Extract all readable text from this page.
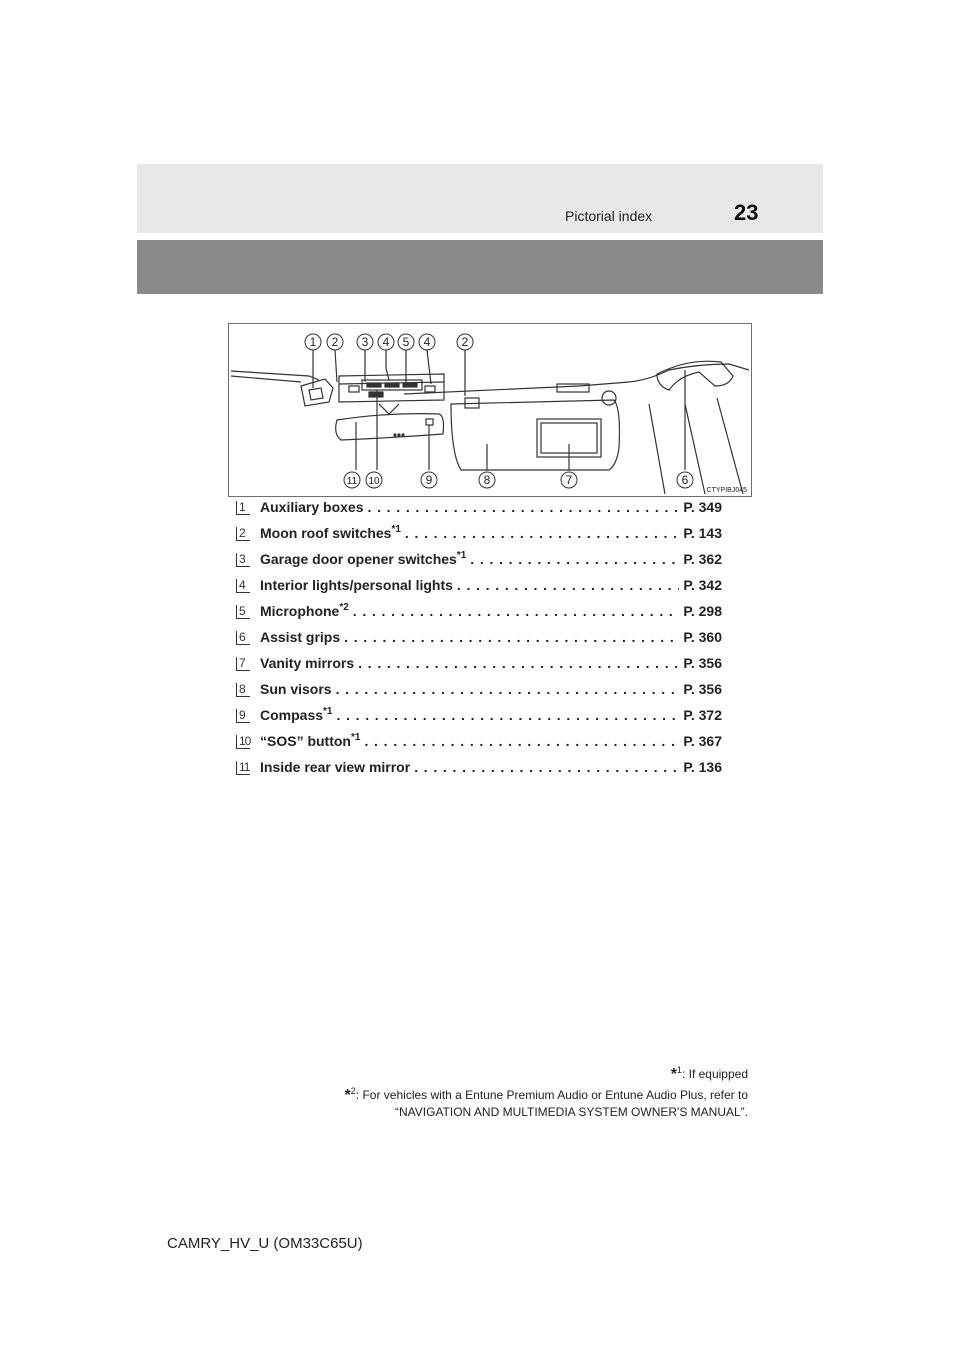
Pictorial index	23
1 2 3 4 5 4	2
11 10	9	8	7	6
CTYPIBJ045
1	Auxiliary boxes . . .	P. 349
2	Moon roof switches$^{*1}$ . . .	P. 143
3	Garage door opener switches$^{*1}$ . . .	P. 362
4	Interior lights/personal lights . . .	P. 342
5	Microphone$^{*2}$ . . .	P. 298
6	Assist grips . . .	P. 360
7	Vanity mirrors . . .	P. 356
8	Sun visors . . .	P. 356
9	Compass$^{*1}$ . . .	P. 372
10 “SOS” button$^{*1}$ . . .	P. 367
11 Inside rear view mirror . . .	P. 136
*$^1$: If equipped
*$^2$: For vehicles with a Entune Premium Audio or Entune Audio Plus, refer to
“NAVIGATION AND MULTIMEDIA SYSTEM OWNER'S MANUAL”.
CAMRY_HV_U (OM33C65U)
